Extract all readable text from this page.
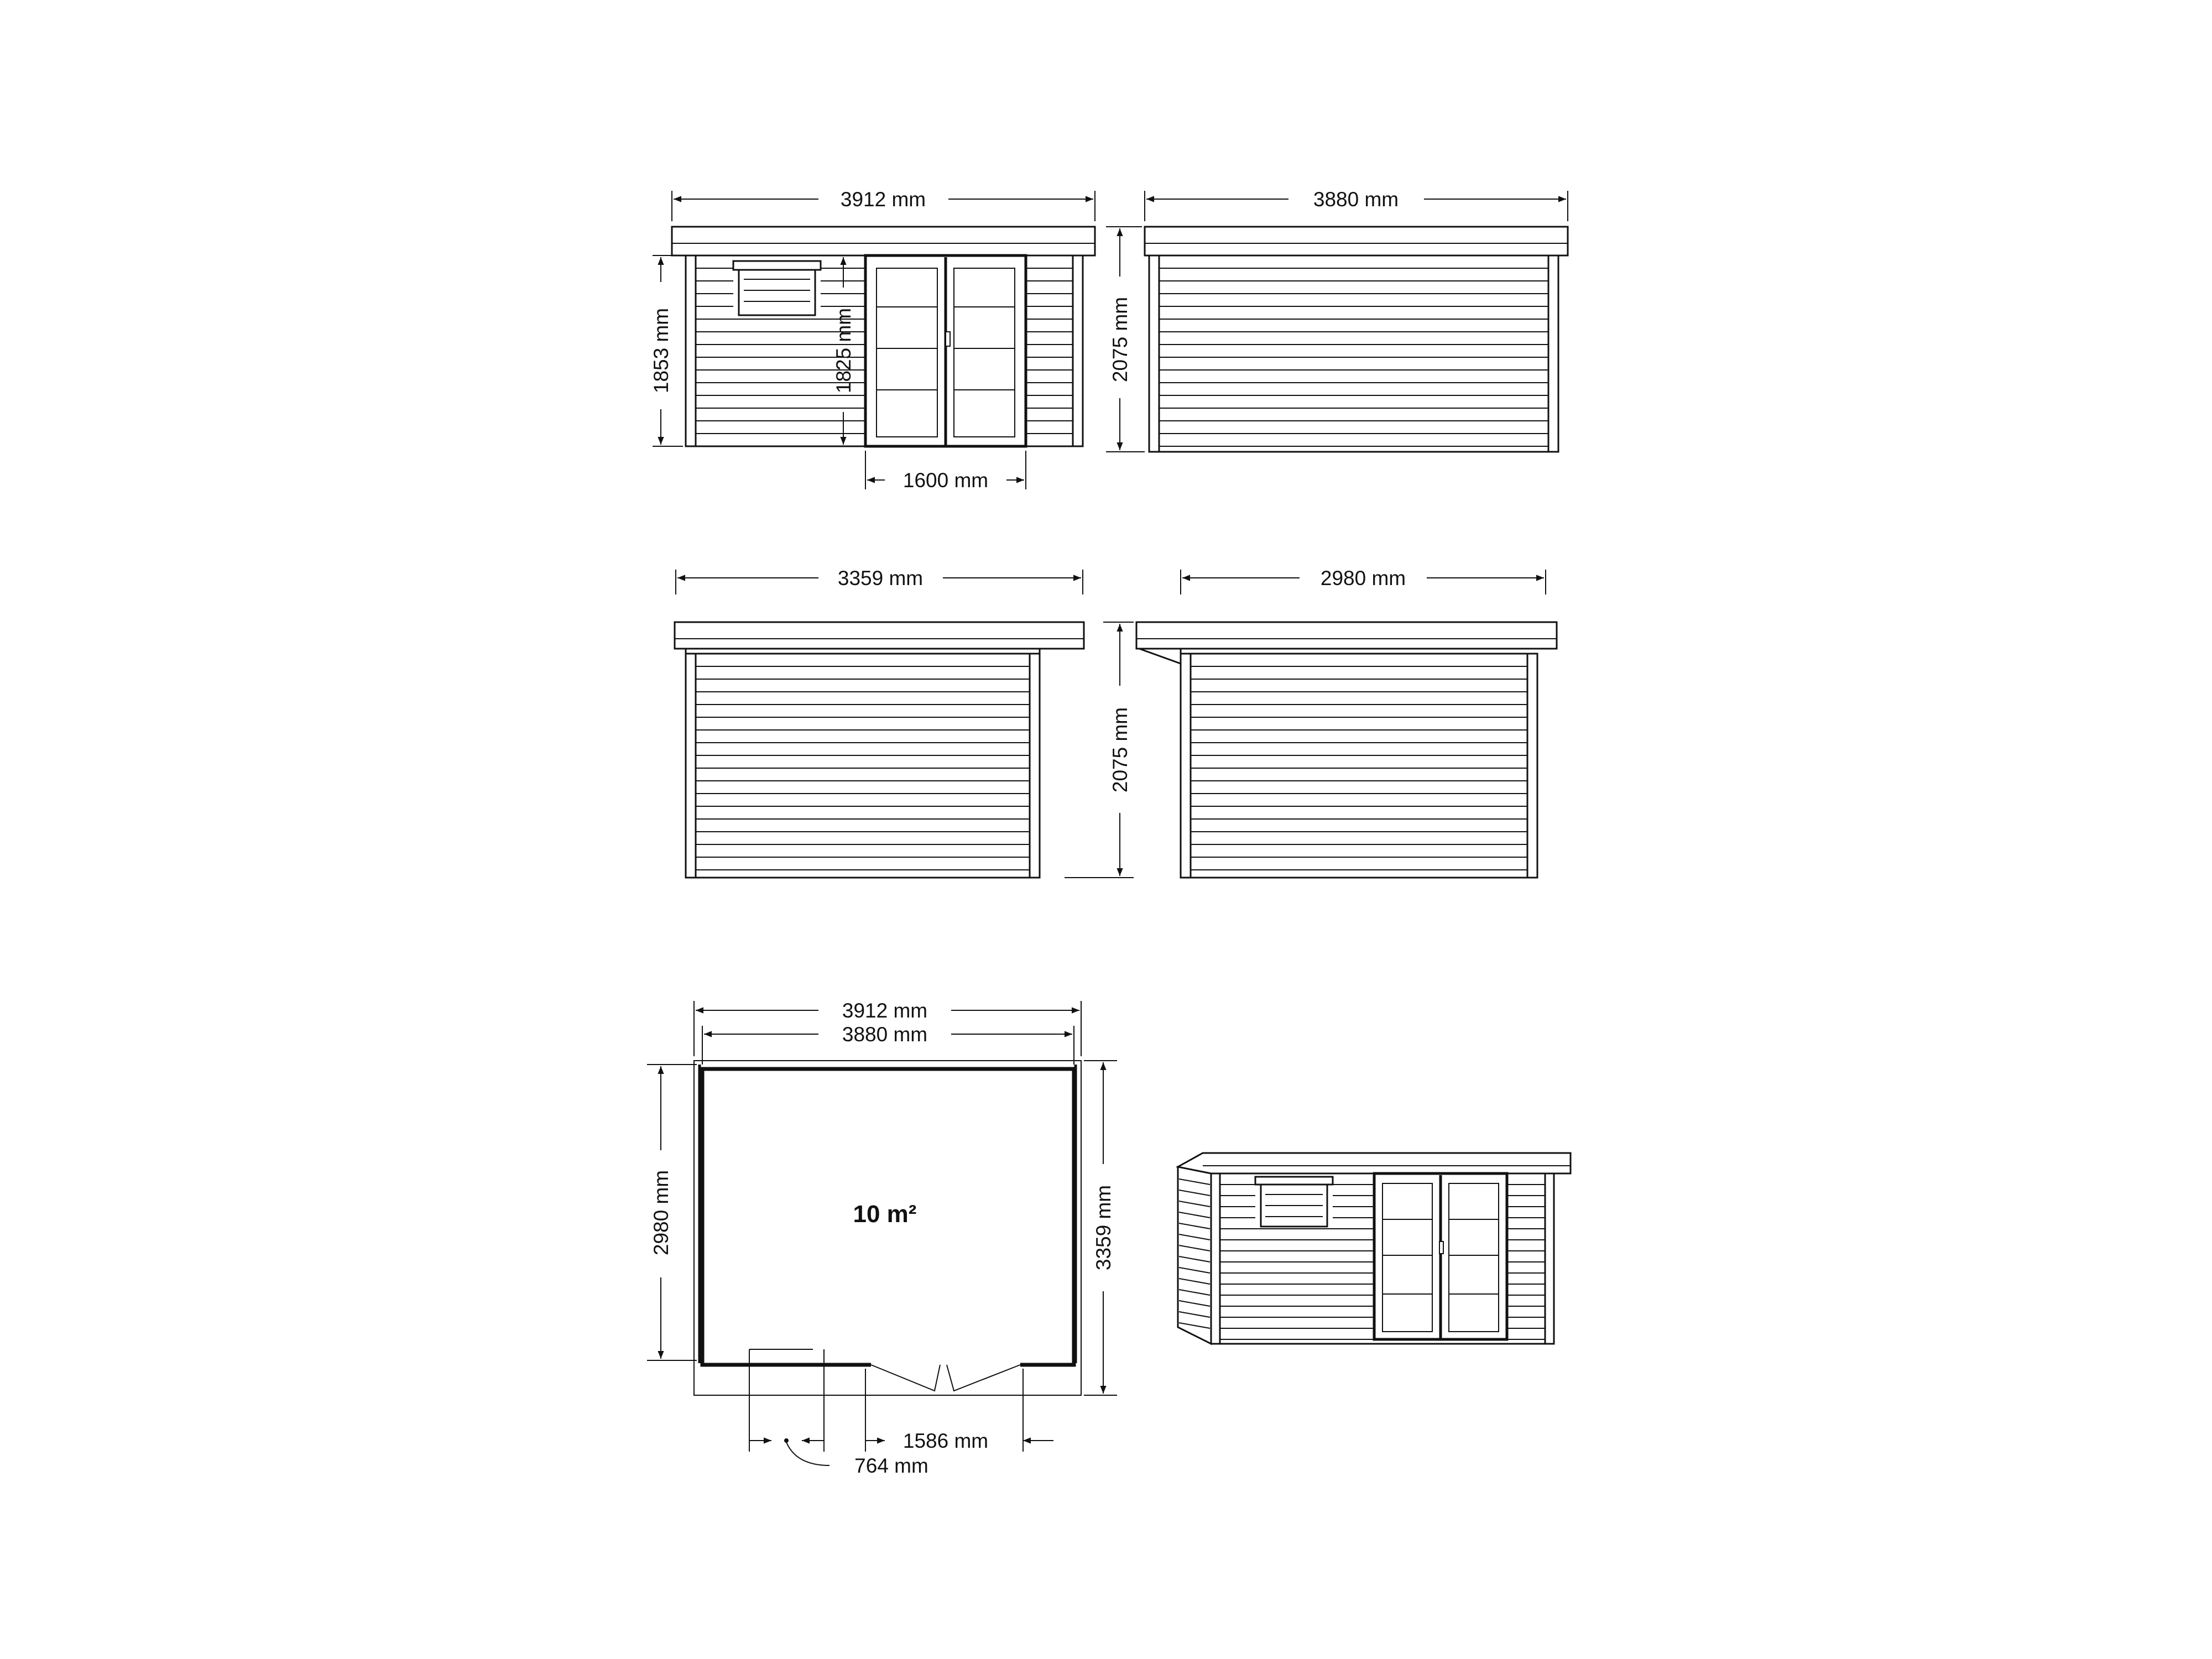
3912 mm
1853 mm	1825 mm
1600 mm
3880 mm
2075 mm
3359 mm	2980 mm
2075 mm
10 m²
3912 mm
3880 mm
2980 mm	3359 mm
1586 mm
764 mm
